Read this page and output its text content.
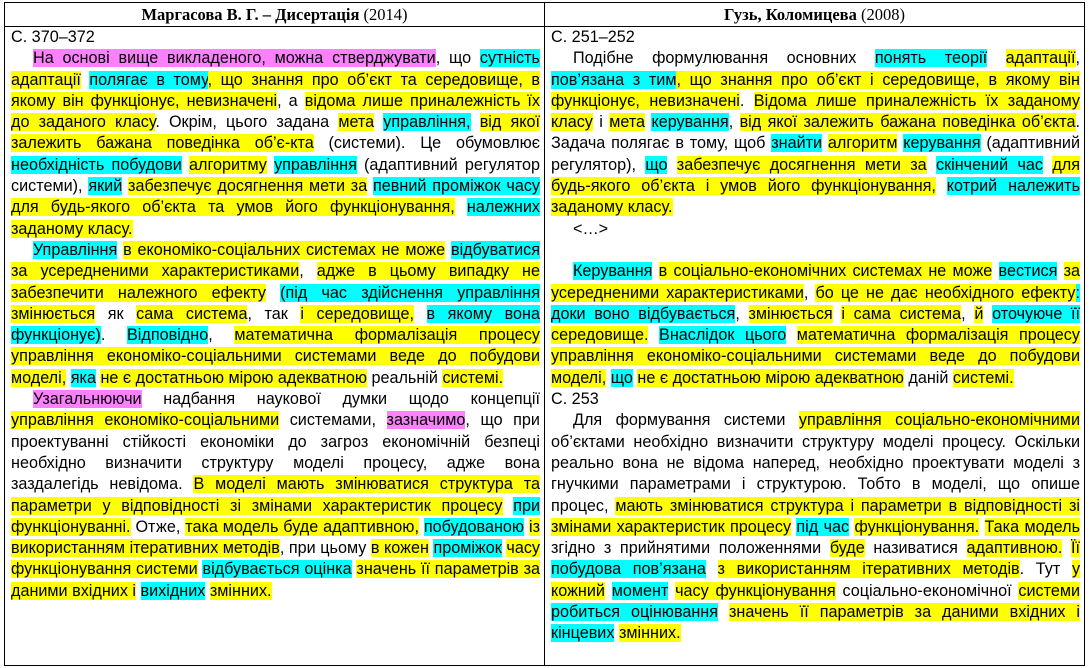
Маргасова В. Г. – Дисертація (2014)	Гузь, Коломицева (2008)

С. 370–372

На основі вище викладеного, можна стверджувати, що сутність адаптації полягає в тому, що знання про об’єкт та середовище, в якому він функціонує, невизначені, а відома лише приналежність їх до заданого класу. Окрім, цього задана мета управління, від якої залежить бажана поведінка об’є-кта (системи). Це обумовлює необхідність побудови алгоритму управління (адаптивний регулятор системи), який забезпечує досягнення мети за певний проміжок часу для будь-якого об’єкта та умов його функціонування, належних заданому класу.

Управління в економіко-соціальних системах не може відбуватися за усередненими характеристиками, адже в цьому випадку не забезпечити належного ефекту (під час здійснення управління змінюється як сама система, так і середовище, в якому вона функціонує). Відповідно, математична формалізація процесу управління економіко-соціальними системами веде до побудови моделі, яка не є достатньою мірою адекватною реальній системі.

Узагальнюючи надбання наукової думки щодо концепції управління економіко-соціальними системами, зазначимо, що при проектуванні стійкості економіки до загроз економічній безпеці необхідно визначити структуру моделі процесу, адже вона заздалегідь невідома. В моделі мають змінюватися структура та параметри у відповідності зі змінами характеристик процесу при функціонуванні. Отже, така модель буде адаптивною, побудованою із використанням ітеративних методів, при цьому в кожен проміжок часу функціонування системи відбувається оцінка значень її параметрів за даними вхідних і вихідних змінних.

С. 251–252

Подібне формулювання основних понять теорії адаптації, пов’язана з тим, що знання про об’єкт і середовище, в якому він функціонує, невизначені. Відома лише приналежність їх заданому класу і мета керування, від якої залежить бажана поведінка об’єкта. Задача полягає в тому, щоб знайти алгоритм керування (адаптивний регулятор), що забезпечує досягнення мети за скінчений час для будь-якого об’єкта і умов його функціонування, котрий належить заданому класу.

<…>

Керування в соціально-економічних системах не може вестися за усередненими характеристиками, бо це не дає необхідного ефекту: доки воно відбувається, змінюється і сама система, й оточуюче її середовище. Внаслідок цього математична формалізація процесу управління економіко-соціальними системами веде до побудови моделі, що не є достатньою мірою адекватною даній системі.

С. 253

Для формування системи управління соціально-економічними об’єктами необхідно визначити структуру моделі процесу. Оскільки реально вона не відома наперед, необхідно проектувати моделі з гнучкими параметрами і структурою. Тобто в моделі, що опише процес, мають змінюватися структура і параметри в відповідності зі змінами характеристик процесу під час функціонування. Така модель згідно з прийнятими положеннями буде називатися адаптивною. Її побудова пов’язана з використанням ітеративних методів. Тут у кожний момент часу функціонування соціально-економічної системи робиться оцінювання значень її параметрів за даними вхідних і кінцевих змінних.
